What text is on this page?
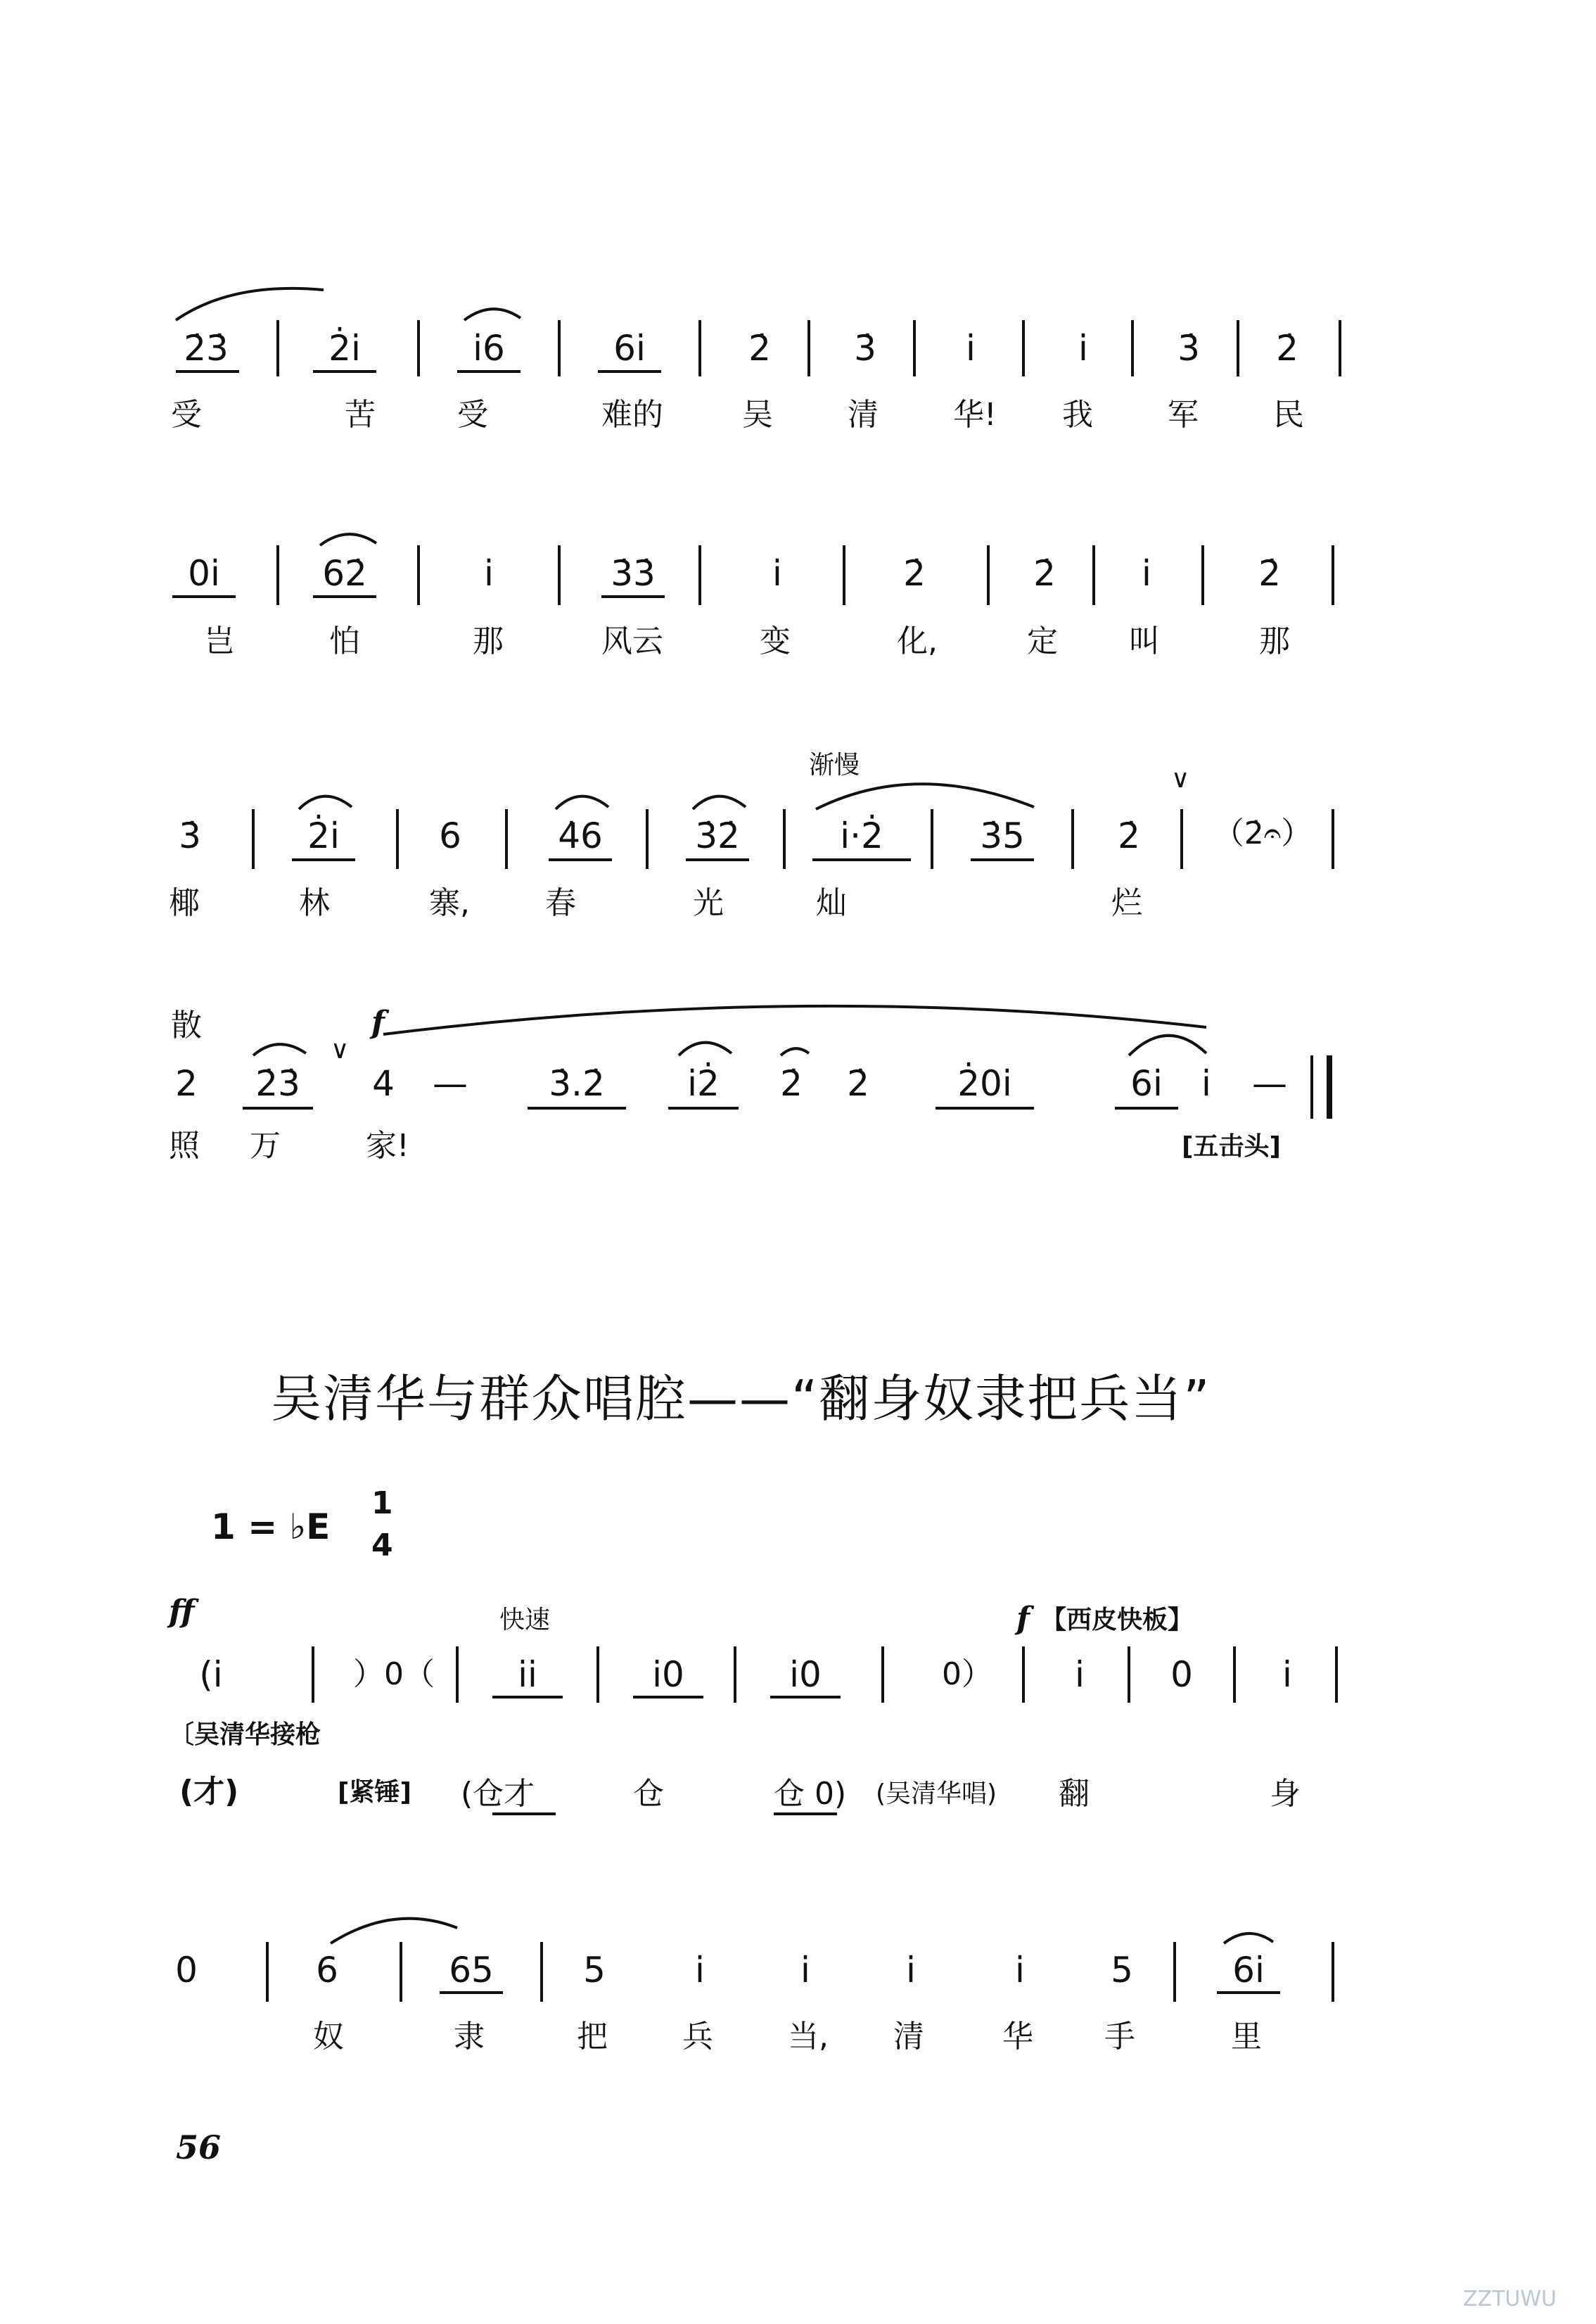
2̇3̇	2̇i̇	i̇6	6i̇	2̇ 3̇	i̇	i̇	3̇ 2̇
受	苦	受	难的	吴 清 华! 我 军 民
0i̇	62̇	i̇	3̇3̇	i̇	2̇	2̇	i̇	2̇
岂	怕	那	风云	变	化,	定 叫	那
渐慢	∨
3̇	2̇i̇	6	4̇6	3̇2̇	i̇·2̇	3̇5	2̇	（2̇𝄐）
椰	林	寨, 春	光	灿	烂
散	f
∨
2	2̇3̇	4 —	3̇.2̇	i̇2̇	2̇ 2̇	2̇0i̇	6i̇	i̇	—
照 万	家!	[五击头]
吴清华与群众唱腔——“翻身奴隶把兵当”
1 = ♭E
1
4
ff	快速	f 【西皮快板】
(i̇	）0（	i̇i̇	i̇0	i̇0	0）	i̇	0	i̇
〔吴清华接枪
(才)	[紧锤] (仓才	仓	仓 0) (吴清华唱) 翻	身
0	6	65	5	i̇	i̇	i̇	i̇	5	6i̇
奴	隶	把 兵 当, 清	华 手	里
56
ZZTUWU
